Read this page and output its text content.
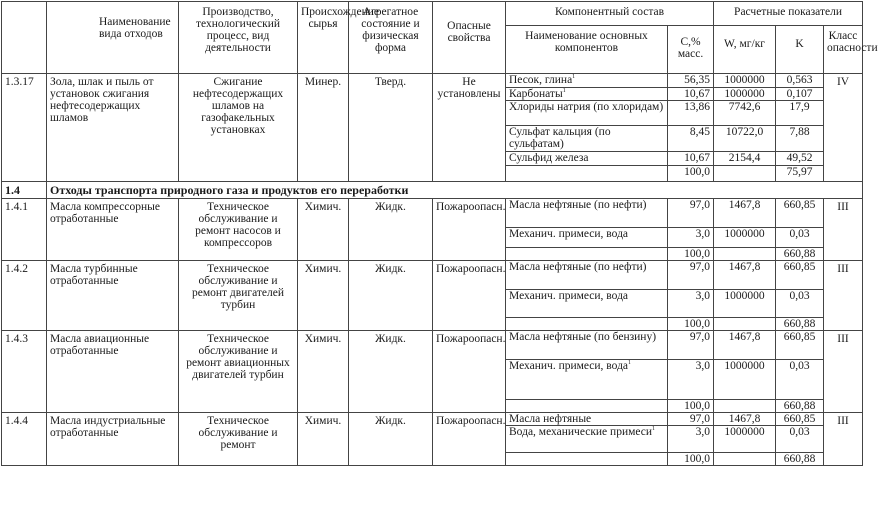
	Наименование вида отходов	Производство, технологический процесс, вид деятельности	Происхождение сырья	Агрегатное состояние и физическая форма	Опасные свойства	Компонентный состав		Расчетные показатели		
						Наименование основных компонентов	С,% масс.	W, мг/кг	K	Класс опасности
1.3.17	Зола, шлак и пыль от установок сжигания нефтесодержащих шламов	Сжигание нефтесодержащих шламов на газофакельных установках	Минер.	Тверд.	Не установлены	Песок, глина$^1$	56,35	1000000	0,563	IV
						Карбонаты$^1$	10,67	1000000	0,107	
						Хлориды натрия (по хлоридам)	13,86	7742,6	17,9	
						Сульфат кальция (по сульфатам)	8,45	10722,0	7,88	
						Сульфид железа	10,67	2154,4	49,52	
							100,0		75,97	
1.4	Отходы транспорта природного газа и продуктов его переработки									
1.4.1	Масла компрессорные отработанные	Техническое обслуживание и ремонт насосов и компрессоров	Химич.	Жидк.	Пожароопасн.	Масла нефтяные (по нефти)	97,0	1467,8	660,85	III
						Механич. примеси, вода	3,0	1000000	0,03	
							100,0		660,88	
1.4.2	Масла турбинные отработанные	Техническое обслуживание и ремонт двигателей турбин	Химич.	Жидк.	Пожароопасн.	Масла нефтяные (по нефти)	97,0	1467,8	660,85	III
						Механич. примеси, вода	3,0	1000000	0,03	
							100,0		660,88	
1.4.3	Масла авиационные отработанные	Техническое обслуживание и ремонт авиационных двигателей турбин	Химич.	Жидк.	Пожароопасн.	Масла нефтяные (по бензину)	97,0	1467,8	660,85	III
						Механич. примеси, вода$^1$	3,0	1000000	0,03	
							100,0		660,88	
1.4.4	Масла индустриальные отработанные	Техническое обслуживание и ремонт	Химич.	Жидк.	Пожароопасн.	Масла нефтяные	97,0	1467,8	660,85	III
						Вода, механические примеси$^1$	3,0	1000000	0,03	
							100,0		660,88	
